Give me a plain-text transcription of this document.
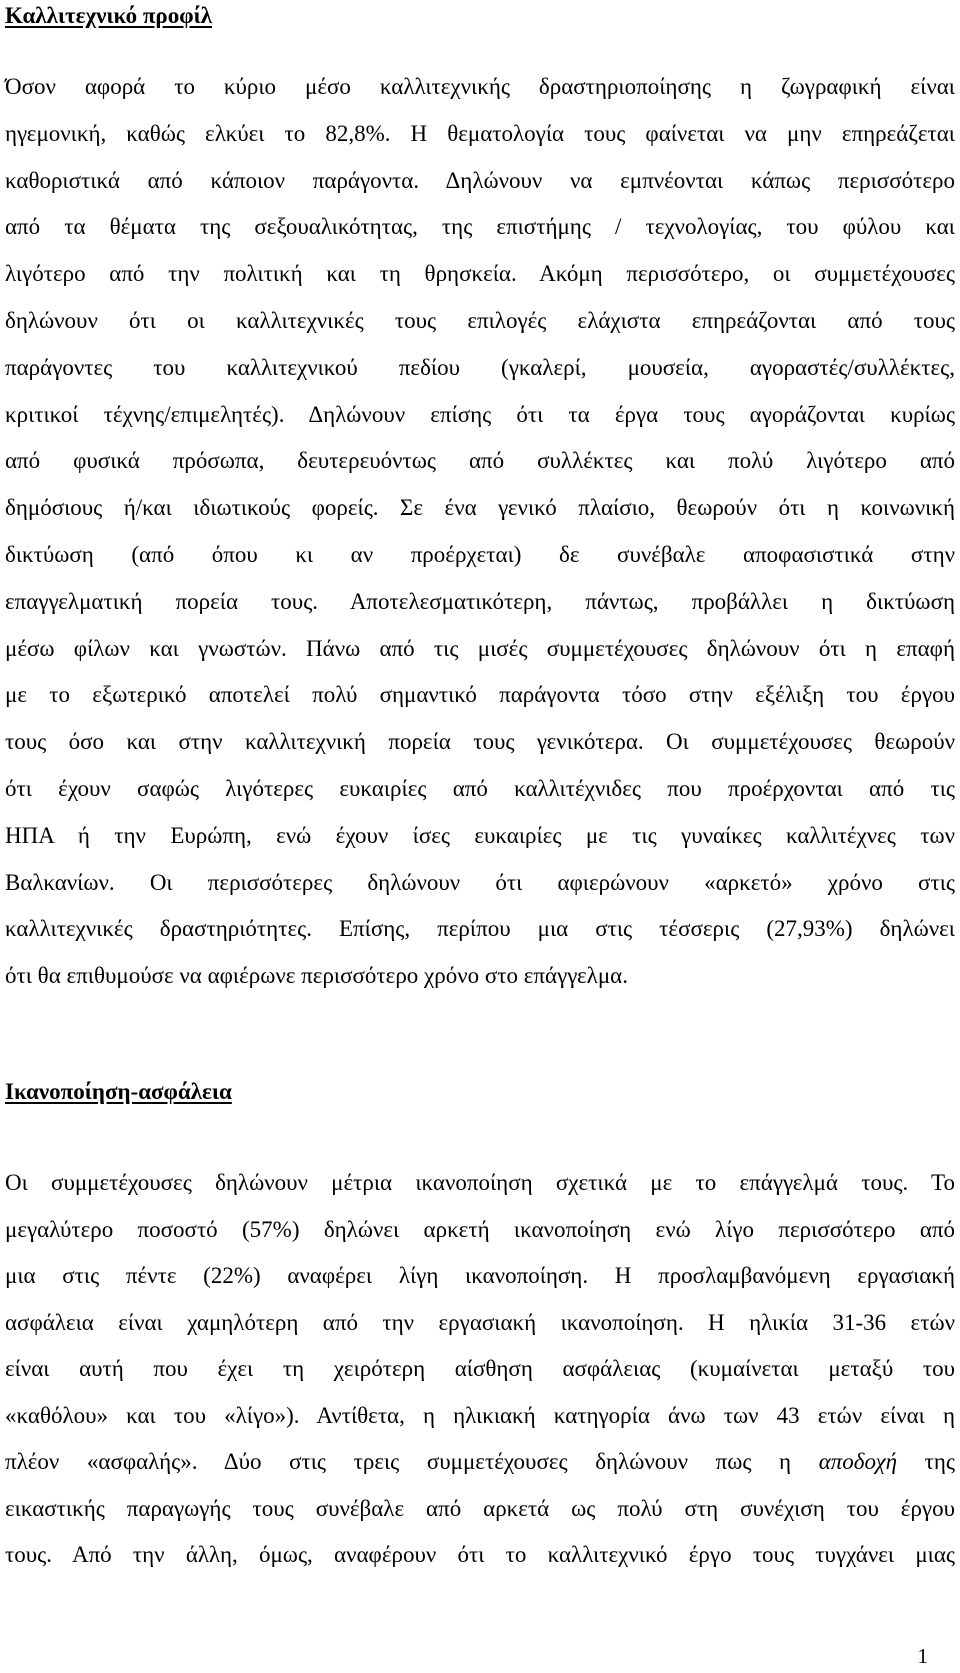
Καλλιτεχνικό προφίλ
Όσον αφορά το κύριο μέσο καλλιτεχνικής δραστηριοποίησης η ζωγραφική είναι
ηγεμονική, καθώς ελκύει το 82,8%. Η θεματολογία τους φαίνεται να μην επηρεάζεται
καθοριστικά από κάποιον παράγοντα. Δηλώνουν να εμπνέονται κάπως περισσότερο
από τα θέματα της σεξουαλικότητας, της επιστήμης / τεχνολογίας, του φύλου και
λιγότερο από την πολιτική και τη θρησκεία. Ακόμη περισσότερο, οι συμμετέχουσες
δηλώνουν ότι οι καλλιτεχνικές τους επιλογές ελάχιστα επηρεάζονται από τους
παράγοντες του καλλιτεχνικού πεδίου (γκαλερί, μουσεία, αγοραστές/συλλέκτες,
κριτικοί τέχνης/επιμελητές). Δηλώνουν επίσης ότι τα έργα τους αγοράζονται κυρίως
από φυσικά πρόσωπα, δευτερευόντως από συλλέκτες και πολύ λιγότερο από
δημόσιους ή/και ιδιωτικούς φορείς. Σε ένα γενικό πλαίσιο, θεωρούν ότι η κοινωνική
δικτύωση (από όπου κι αν προέρχεται) δε συνέβαλε αποφασιστικά στην
επαγγελματική πορεία τους. Αποτελεσματικότερη, πάντως, προβάλλει η δικτύωση
μέσω φίλων και γνωστών. Πάνω από τις μισές συμμετέχουσες δηλώνουν ότι η επαφή
με το εξωτερικό αποτελεί πολύ σημαντικό παράγοντα τόσο στην εξέλιξη του έργου
τους όσο και στην καλλιτεχνική πορεία τους γενικότερα. Οι συμμετέχουσες θεωρούν
ότι έχουν σαφώς λιγότερες ευκαιρίες από καλλιτέχνιδες που προέρχονται από τις
ΗΠΑ ή την Ευρώπη, ενώ έχουν ίσες ευκαιρίες με τις γυναίκες καλλιτέχνες των
Βαλκανίων. Οι περισσότερες δηλώνουν ότι αφιερώνουν «αρκετό» χρόνο στις
καλλιτεχνικές δραστηριότητες. Επίσης, περίπου μια στις τέσσερις (27,93%) δηλώνει
ότι θα επιθυμούσε να αφιέρωνε περισσότερο χρόνο στο επάγγελμα.
Ικανοποίηση-ασφάλεια
Οι συμμετέχουσες δηλώνουν μέτρια ικανοποίηση σχετικά με το επάγγελμά τους. Το
μεγαλύτερο ποσοστό (57%) δηλώνει αρκετή ικανοποίηση ενώ λίγο περισσότερο από
μια στις πέντε (22%) αναφέρει λίγη ικανοποίηση. Η προσλαμβανόμενη εργασιακή
ασφάλεια είναι χαμηλότερη από την εργασιακή ικανοποίηση. Η ηλικία 31-36 ετών
είναι αυτή που έχει τη χειρότερη αίσθηση ασφάλειας (κυμαίνεται μεταξύ του
«καθόλου» και του «λίγο»). Αντίθετα, η ηλικιακή κατηγορία άνω των 43 ετών είναι η
πλέον «ασφαλής». Δύο στις τρεις συμμετέχουσες δηλώνουν πως η αποδοχή της
εικαστικής παραγωγής τους συνέβαλε από αρκετά ως πολύ στη συνέχιση του έργου
τους. Από την άλλη, όμως, αναφέρουν ότι το καλλιτεχνικό έργο τους τυγχάνει μιας
1
